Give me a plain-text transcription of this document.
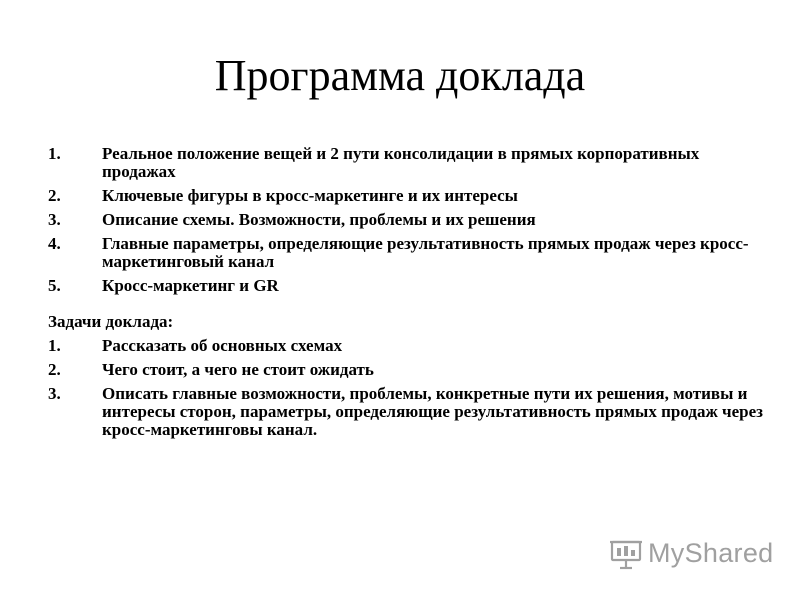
Программа доклада
1.	Реальное положение вещей и 2 пути консолидации в прямых корпоративных продажах
2.	Ключевые фигуры в кросс-маркетинге и их интересы
3.	Описание схемы. Возможности, проблемы и их решения
4.	Главные параметры, определяющие результативность прямых продаж через кросс-маркетинговый канал
5.	Кросс-маркетинг и GR
Задачи доклада:
1.	Рассказать об основных схемах
2.	Чего стоит, а чего не стоит ожидать
3.	Описать главные возможности, проблемы, конкретные пути их решения, мотивы и интересы сторон, параметры, определяющие результативность прямых продаж через кросс-маркетинговы канал.
MyShared
